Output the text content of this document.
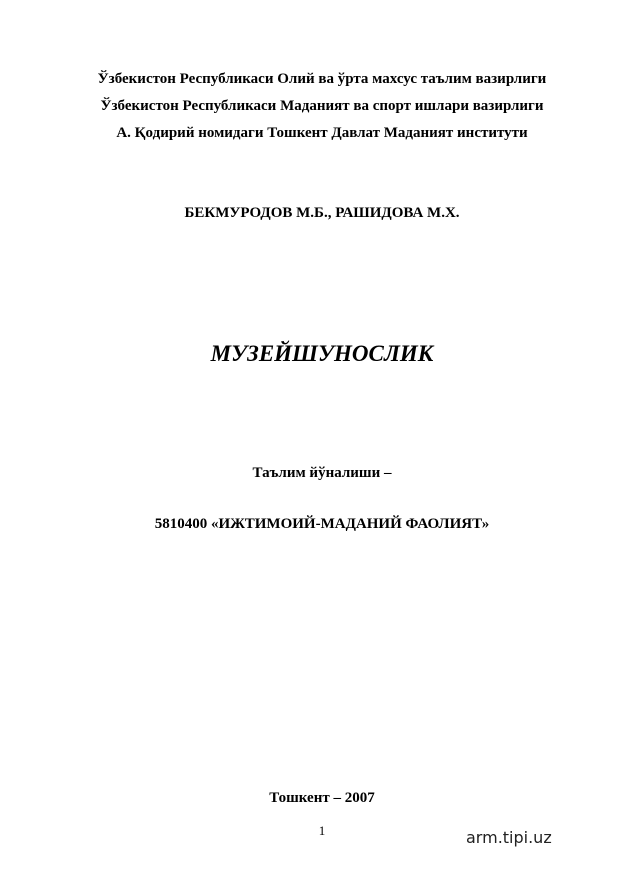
Ўзбекистон Республикаси Олий ва ўрта махсус таълим вазирлиги
Ўзбекистон Республикаси Маданият ва спорт ишлари вазирлиги
А. Қодирий номидаги Тошкент Давлат Маданият институти
БЕКМУРОДОВ М.Б., РАШИДОВА М.Х.
МУЗЕЙШУНОСЛИК
Таълим йўналиши –
5810400 «ИЖТИМОИЙ-МАДАНИЙ ФАОЛИЯТ»
Тошкент – 2007
1	arm.tipi.uz
